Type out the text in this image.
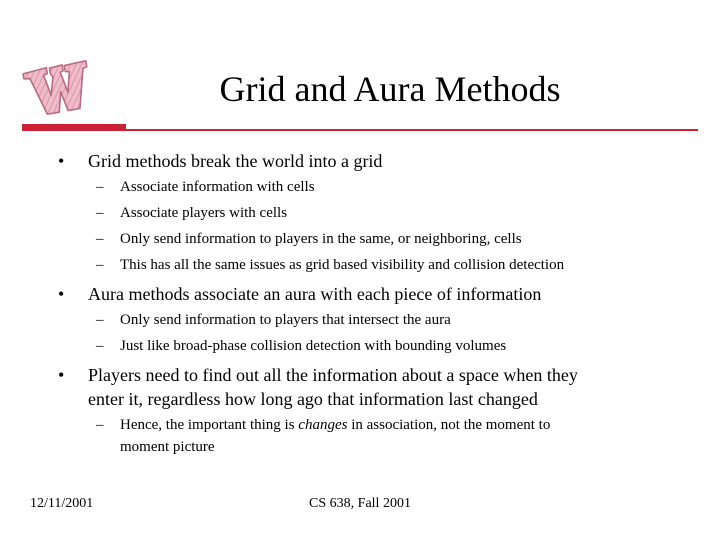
Grid and Aura Methods
• Grid methods break the world into a grid
– Associate information with cells
– Associate players with cells
– Only send information to players in the same, or neighboring, cells
– This has all the same issues as grid based visibility and collision detection
• Aura methods associate an aura with each piece of information
– Only send information to players that intersect the aura
– Just like broad-phase collision detection with bounding volumes
• Players need to find out all the information about a space when they
enter it, regardless how long ago that information last changed
– Hence, the important thing is changes in association, not the moment to
moment picture
12/11/2001	CS 638, Fall 2001
